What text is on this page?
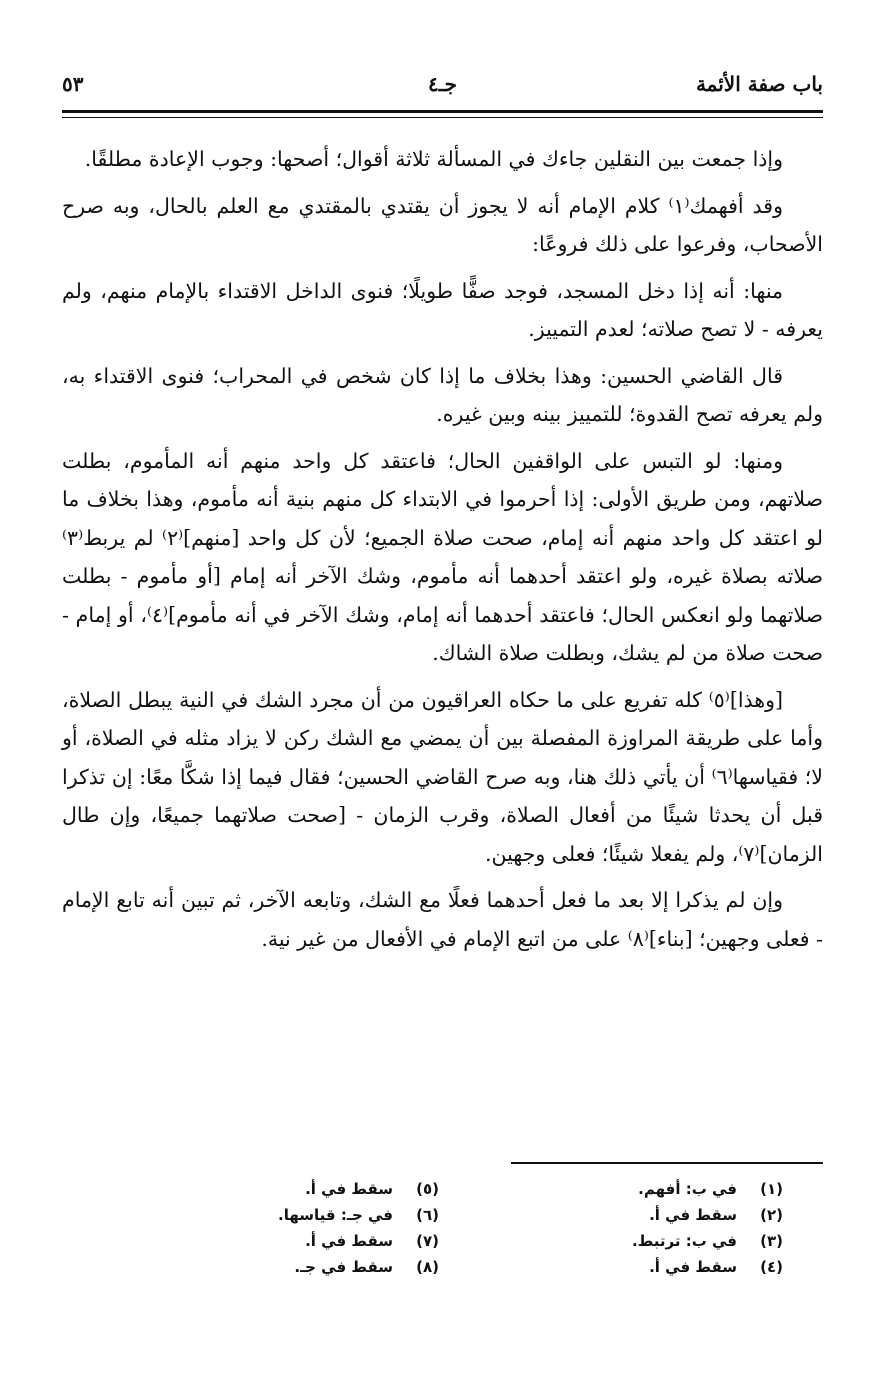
باب صفة الأئمة
جـ٤
٥٣

وإذا جمعت بين النقلين جاءك في المسألة ثلاثة أقوال؛ أصحها: وجوب الإعادة مطلقًا.

وقد أفهمك⁽١⁾ كلام الإمام أنه لا يجوز أن يقتدي بالمقتدي مع العلم بالحال، وبه صرح الأصحاب، وفرعوا على ذلك فروعًا:

منها: أنه إذا دخل المسجد، فوجد صفًّا طويلًا؛ فنوى الداخل الاقتداء بالإمام منهم، ولم يعرفه - لا تصح صلاته؛ لعدم التمييز.

قال القاضي الحسين: وهذا بخلاف ما إذا كان شخص في المحراب؛ فنوى الاقتداء به، ولم يعرفه تصح القدوة؛ للتمييز بينه وبين غيره.

ومنها: لو التبس على الواقفين الحال؛ فاعتقد كل واحد منهم أنه المأموم، بطلت صلاتهم، ومن طريق الأولى: إذا أحرموا في الابتداء كل منهم بنية أنه مأموم، وهذا بخلاف ما لو اعتقد كل واحد منهم أنه إمام، صحت صلاة الجميع؛ لأن كل واحد [منهم]⁽٢⁾ لم يربط⁽٣⁾ صلاته بصلاة غيره، ولو اعتقد أحدهما أنه مأموم، وشك الآخر أنه إمام [أو مأموم - بطلت صلاتهما ولو انعكس الحال؛ فاعتقد أحدهما أنه إمام، وشك الآخر في أنه مأموم]⁽٤⁾، أو إمام - صحت صلاة من لم يشك، وبطلت صلاة الشاك.

[وهذا]⁽٥⁾ كله تفريع على ما حكاه العراقيون من أن مجرد الشك في النية يبطل الصلاة، وأما على طريقة المراوزة المفصلة بين أن يمضي مع الشك ركن لا يزاد مثله في الصلاة، أو لا؛ فقياسها⁽٦⁾ أن يأتي ذلك هنا، وبه صرح القاضي الحسين؛ فقال فيما إذا شكَّا معًا: إن تذكرا قبل أن يحدثا شيئًا من أفعال الصلاة، وقرب الزمان - [صحت صلاتهما جميعًا، وإن طال الزمان]⁽٧⁾، ولم يفعلا شيئًا؛ فعلى وجهين.

وإن لم يذكرا إلا بعد ما فعل أحدهما فعلًا مع الشك، وتابعه الآخر، ثم تبين أنه تابع الإمام - فعلى وجهين؛ [بناء]⁽٨⁾ على من اتبع الإمام في الأفعال من غير نية.

(١)في ب: أفهم.
(٢)سقط في أ.
(٣)في ب: ترتبط.
(٤)سقط في أ.
(٥)سقط في أ.
(٦)في جـ: قياسها.
(٧)سقط في أ.
(٨)سقط في جـ.
